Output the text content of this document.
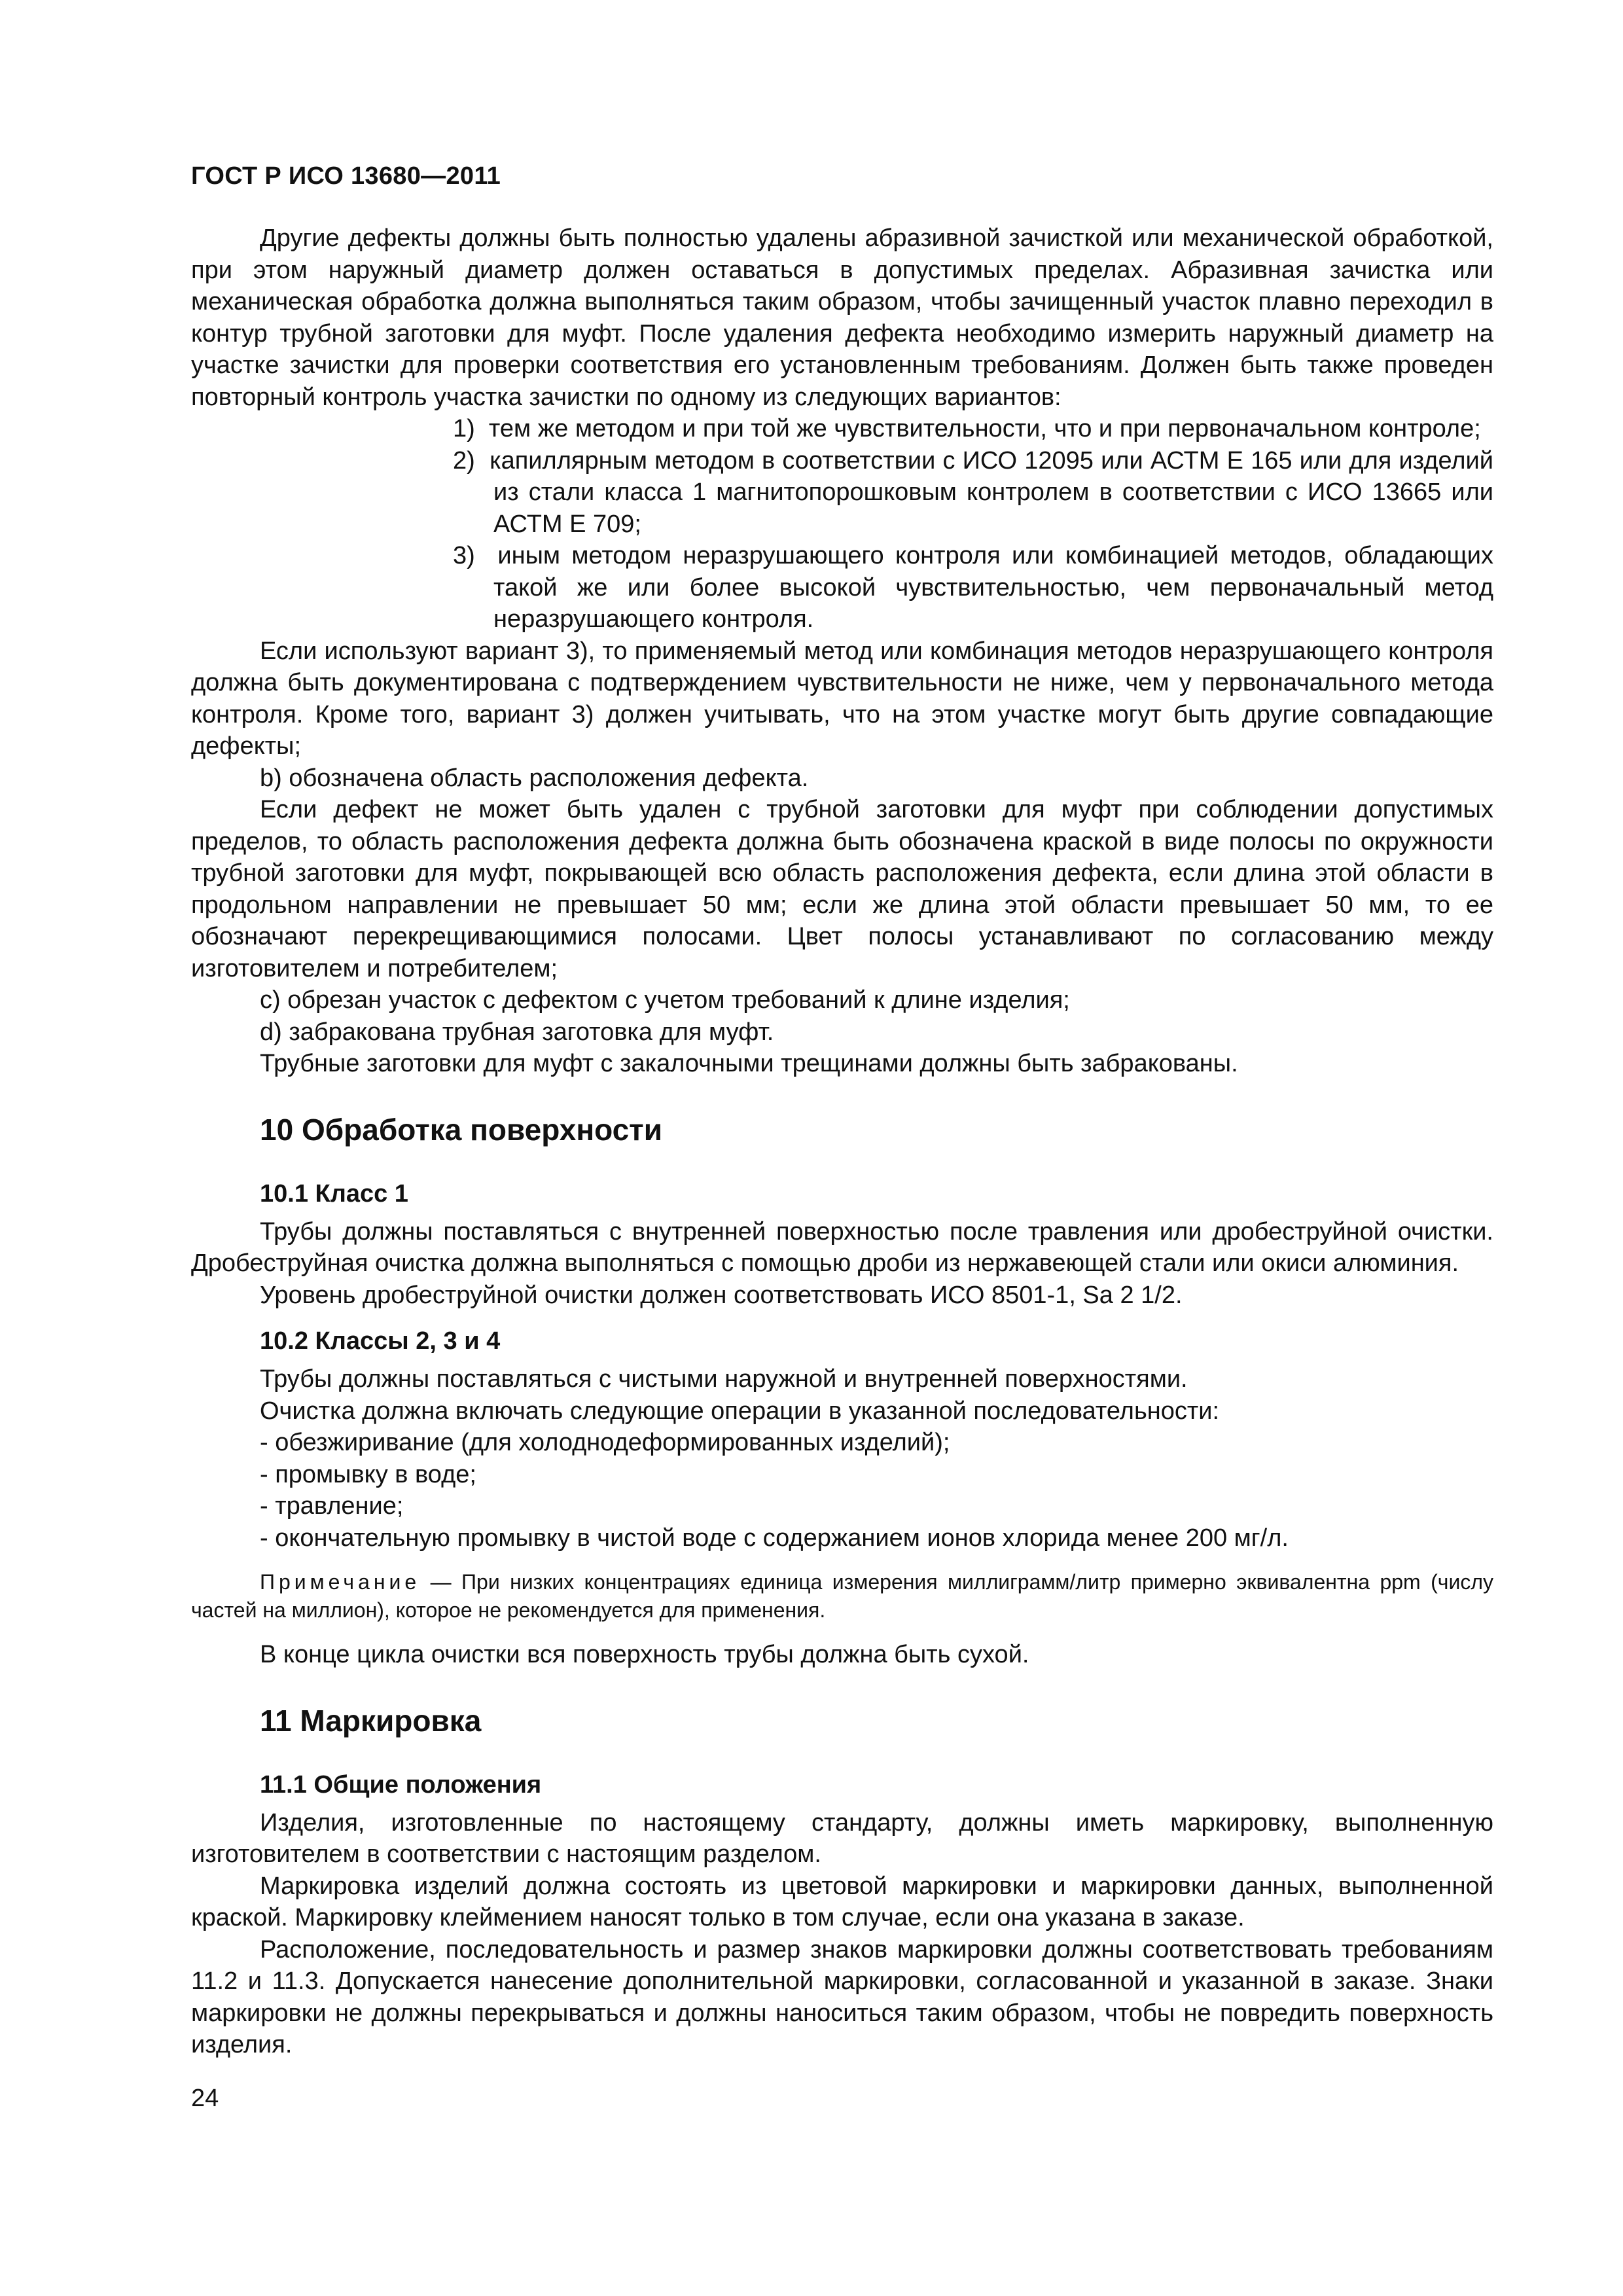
ГОСТ Р ИСО 13680—2011

Другие дефекты должны быть полностью удалены абразивной зачисткой или механической обработкой, при этом наружный диаметр должен оставаться в допустимых пределах. Абразивная зачистка или механическая обработка должна выполняться таким образом, чтобы зачищенный участок плавно переходил в контур трубной заготовки для муфт. После удаления дефекта необходимо измерить наружный диаметр на участке зачистки для проверки соответствия его установленным требованиям. Должен быть также проведен повторный контроль участка зачистки по одному из следующих вариантов:

1) тем же методом и при той же чувствительности, что и при первоначальном контроле;
2) капиллярным методом в соответствии с ИСО 12095 или АСТМ Е 165 или для изделий из стали класса 1 магнитопорошковым контролем в соответствии с ИСО 13665 или АСТМ Е 709;
3) иным методом неразрушающего контроля или комбинацией методов, обладающих такой же или более высокой чувствительностью, чем первоначальный метод неразрушающего контроля.

Если используют вариант 3), то применяемый метод или комбинация методов неразрушающего контроля должна быть документирована с подтверждением чувствительности не ниже, чем у первоначального метода контроля. Кроме того, вариант 3) должен учитывать, что на этом участке могут быть другие совпадающие дефекты;

b) обозначена область расположения дефекта.

Если дефект не может быть удален с трубной заготовки для муфт при соблюдении допустимых пределов, то область расположения дефекта должна быть обозначена краской в виде полосы по окружности трубной заготовки для муфт, покрывающей всю область расположения дефекта, если длина этой области в продольном направлении не превышает 50 мм; если же длина этой области превышает 50 мм, то ее обозначают перекрещивающимися полосами. Цвет полосы устанавливают по согласованию между изготовителем и потребителем;

c) обрезан участок с дефектом с учетом требований к длине изделия;

d) забракована трубная заготовка для муфт.

Трубные заготовки для муфт с закалочными трещинами должны быть забракованы.

10 Обработка поверхности
10.1 Класс 1

Трубы должны поставляться с внутренней поверхностью после травления или дробеструйной очистки. Дробеструйная очистка должна выполняться с помощью дроби из нержавеющей стали или окиси алюминия.

Уровень дробеструйной очистки должен соответствовать ИСО 8501-1, Sa 2 1/2.

10.2 Классы 2, 3 и 4

Трубы должны поставляться с чистыми наружной и внутренней поверхностями.

Очистка должна включать следующие операции в указанной последовательности:

- обезжиривание (для холоднодеформированных изделий);

- промывку в воде;

- травление;

- окончательную промывку в чистой воде с содержанием ионов хлорида менее 200 мг/л.

Примечание — При низких концентрациях единица измерения миллиграмм/литр примерно эквивалентна ppm (числу частей на миллион), которое не рекомендуется для применения.

В конце цикла очистки вся поверхность трубы должна быть сухой.

11 Маркировка
11.1 Общие положения

Изделия, изготовленные по настоящему стандарту, должны иметь маркировку, выполненную изготовителем в соответствии с настоящим разделом.

Маркировка изделий должна состоять из цветовой маркировки и маркировки данных, выполненной краской. Маркировку клеймением наносят только в том случае, если она указана в заказе.

Расположение, последовательность и размер знаков маркировки должны соответствовать требованиям 11.2 и 11.3. Допускается нанесение дополнительной маркировки, согласованной и указанной в заказе. Знаки маркировки не должны перекрываться и должны наноситься таким образом, чтобы не повредить поверхность изделия.

24
